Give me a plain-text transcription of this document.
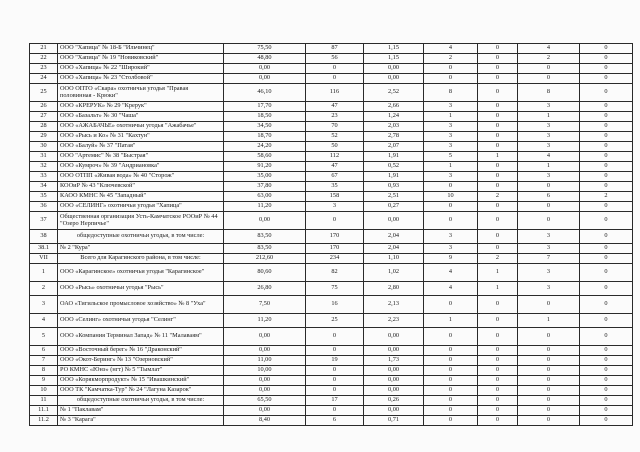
21	ООО "Хапица" № 18-Б "Ильчинец"	75,50	87	1,15	4	0	4	0
22	ООО "Хапица" № 19 "Новиковский"	48,80	56	1,15	2	0	2	0
23	ООО «Хапица» № 22 "Широкий"	0,00	0	0,00	0	0	0	0
24	ООО «Хапица» № 23 "Столбовой"	0,00	0	0,00	0	0	0	0
25	ООО ОПТО «Скара» охотничьи угодья "Правая половинная - Крюки"	46,10	116	2,52	8	0	8	0
26	ООО «КРЕРУК» № 29 "Крерук"	17,70	47	2,66	3	0	3	0
27	ООО «Базальт» № 30 "Чаша"	18,50	23	1,24	1	0	1	0
28	ООО «АЖАБАЧЬЕ» охотничьи угодья "Ажабачье"	34,50	70	2,03	3	0	3	0
29	ООО «Рысь и Ко» № 31 "Кахтун"	18,70	52	2,78	3	0	3	0
30	ООО «Балуй» № 37 "Патая"	24,20	50	2,07	3	0	3	0
31	ООО "Артемис" № 38 "Быстрая"	58,60	112	1,91	5	1	4	0
32	ООО «Кумроч» № 39 "Андриановка"	91,20	47	0,52	1	0	1	0
33	ООО ОТПП «Живая вода» № 40 "Сторож"	35,00	67	1,91	3	0	3	0
34	КООиР № 43 "Ключевской"	37,80	35	0,93	0	0	0	0
35	КАОО КМНС № 45 "Западный"	63,00	158	2,51	10	2	6	2
36	ООО «СЕЛИНГ» охотничьи угодья "Хапица"	11,20	3	0,27	0	0	0	0
37	Общественная организация Усть-Камчатское РООиР № 44 "Озеро Нерпичье"	0,00	0	0,00	0	0	0	0
38	общедоступные охотничьи угодья, в том числе:	83,50	170	2,04	3	0	3	0
38.1	№ 2 "Кура"	83,50	170	2,04	3	0	3	0
VII	Всего для Карагинского района, в том числе:	212,60	234	1,10	9	2	7	0
1	ООО «Карагинское» охотничьи угодья "Карагинское"	80,60	82	1,02	4	1	3	0
2	ООО «Рысь» охотничьи угодья "Рысь"	26,80	75	2,80	4	1	3	0
3	ОАО «Тигильское промысловое хозяйство» № 8 "Уха"	7,50	16	2,13	0	0	0	0
4	ООО «Селинг» охотничьи угодья "Селинг"	11,20	25	2,23	1	0	1	0
5	ООО «Компания Терминал Запад» № 11 "Малаваям"	0,00	0	0,00	0	0	0	0
6	ООО «Восточный берег» № 16 "Драконский"	0,00	0	0,00	0	0	0	0
7	ООО «Окот-Беринг» № 13 "Озерновский"	11,00	19	1,73	0	0	0	0
8	РО КМНС «Юнэ» (нгт) № 5 "Тымлат"	10,00	0	0,00	0	0	0	0
9	ООО «Корякморпродукт» № 15 "Ивашкинский"	0,00	0	0,00	0	0	0	0
10	ООО ТК "Камчатка-Тур" № 24 "Лагуна Казарок"	0,00	0	0,00	0	0	0	0
11	общедоступные охотничьи угодья, в том числе:	65,50	17	0,26	0	0	0	0
11.1	№ 1 "Паклавам"	0,00	0	0,00	0	0	0	0
11.2	№ 3 "Карага"	8,40	6	0,71	0	0	0	0
